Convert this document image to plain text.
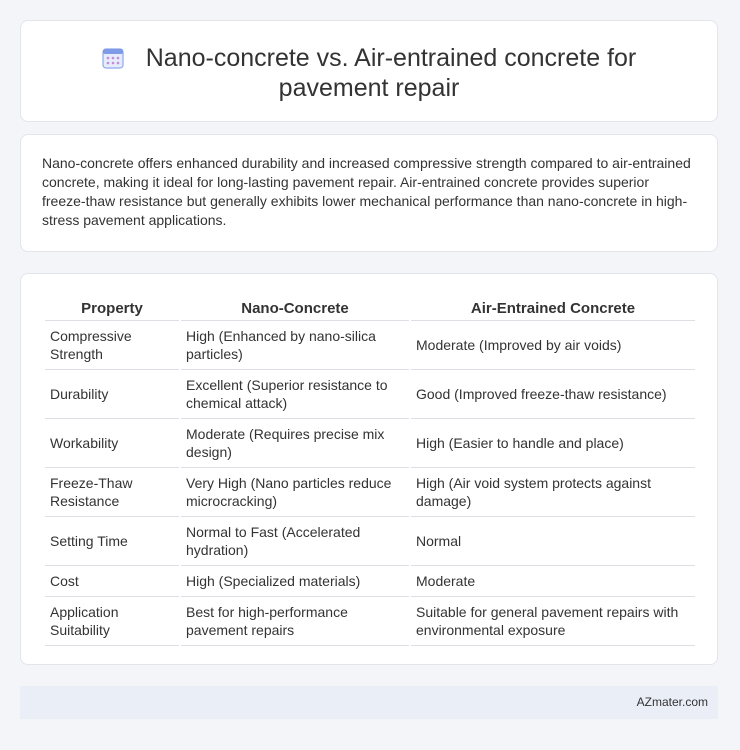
Nano-concrete vs. Air-entrained concrete for pavement repair
Nano-concrete offers enhanced durability and increased compressive strength compared to air-entrained concrete, making it ideal for long-lasting pavement repair. Air-entrained concrete provides superior freeze-thaw resistance but generally exhibits lower mechanical performance than nano-concrete in high-stress pavement applications.
Property	Nano-Concrete	Air-Entrained Concrete
Compressive Strength	High (Enhanced by nano-silica particles)	Moderate (Improved by air voids)
Durability	Excellent (Superior resistance to chemical attack)	Good (Improved freeze-thaw resistance)
Workability	Moderate (Requires precise mix design)	High (Easier to handle and place)
Freeze-Thaw Resistance	Very High (Nano particles reduce microcracking)	High (Air void system protects against damage)
Setting Time	Normal to Fast (Accelerated hydration)	Normal
Cost	High (Specialized materials)	Moderate
Application Suitability	Best for high-performance pavement repairs	Suitable for general pavement repairs with environmental exposure
AZmater.com
